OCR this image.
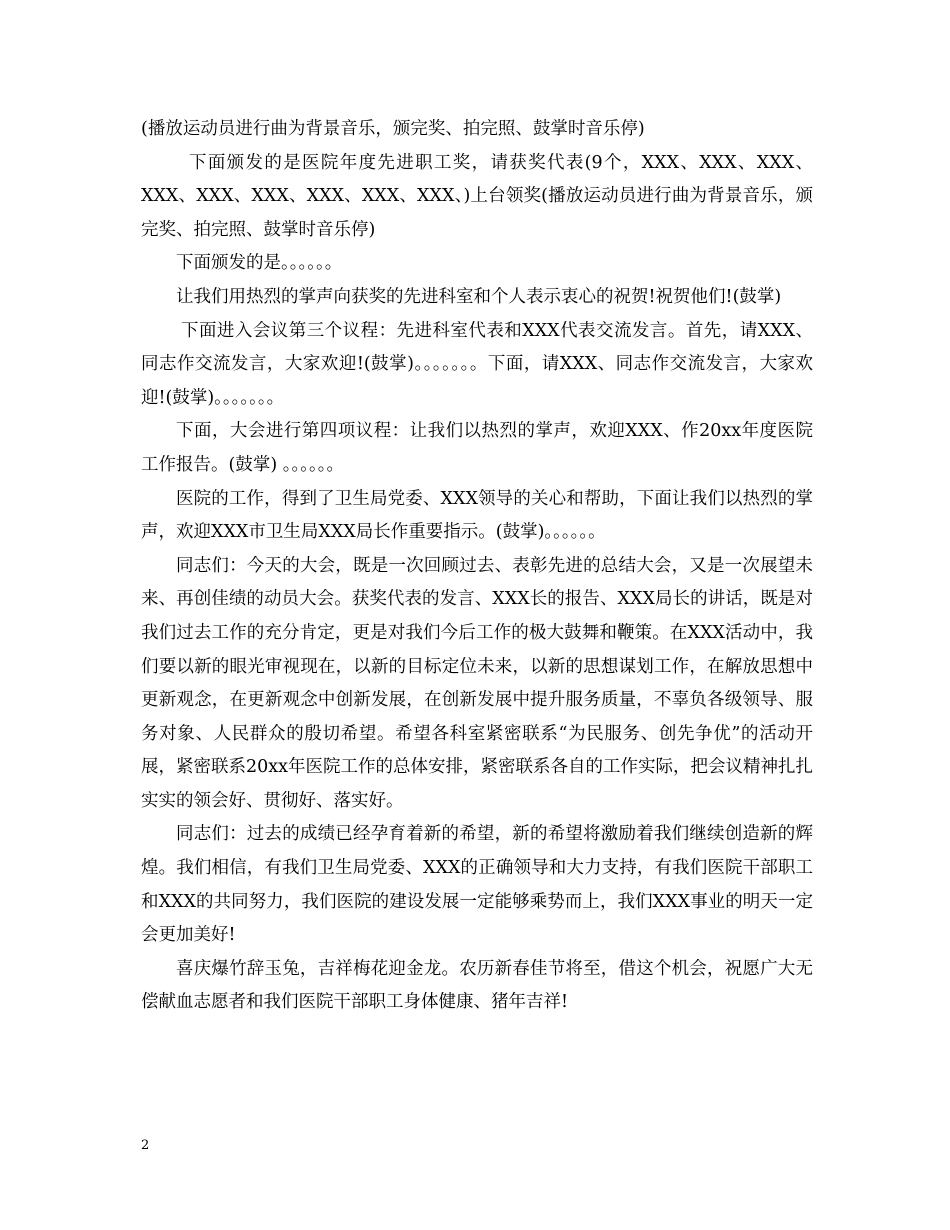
(播放运动员进行曲为背景音乐，颁完奖、拍完照、鼓掌时音乐停)

下面颁发的是医院年度先进职工奖，请获奖代表(9个，XXX、XXX、XXX、XXX、XXX、XXX、XXX、XXX、XXX、)上台领奖(播放运动员进行曲为背景音乐，颁完奖、拍完照、鼓掌时音乐停)

下面颁发的是。。。。。。

让我们用热烈的掌声向获奖的先进科室和个人表示衷心的祝贺!祝贺他们!(鼓掌)

下面进入会议第三个议程：先进科室代表和XXX代表交流发言。首先，请XXX、同志作交流发言，大家欢迎!(鼓掌)。。。。。。。下面，请XXX、同志作交流发言，大家欢迎!(鼓掌)。。。。。。。

下面，大会进行第四项议程：让我们以热烈的掌声，欢迎XXX、作20xx年度医院工作报告。(鼓掌) 。。。。。。

医院的工作，得到了卫生局党委、XXX领导的关心和帮助，下面让我们以热烈的掌声，欢迎XXX市卫生局XXX局长作重要指示。(鼓掌)。。。。。。

同志们：今天的大会，既是一次回顾过去、表彰先进的总结大会，又是一次展望未来、再创佳绩的动员大会。获奖代表的发言、XXX长的报告、XXX局长的讲话，既是对我们过去工作的充分肯定，更是对我们今后工作的极大鼓舞和鞭策。在XXX活动中，我们要以新的眼光审视现在，以新的目标定位未来，以新的思想谋划工作，在解放思想中更新观念，在更新观念中创新发展，在创新发展中提升服务质量，不辜负各级领导、服务对象、人民群众的殷切希望。希望各科室紧密联系“为民服务、创先争优”的活动开展，紧密联系20xx年医院工作的总体安排，紧密联系各自的工作实际，把会议精神扎扎实实的领会好、贯彻好、落实好。

同志们：过去的成绩已经孕育着新的希望，新的希望将激励着我们继续创造新的辉煌。我们相信，有我们卫生局党委、XXX的正确领导和大力支持，有我们医院干部职工和XXX的共同努力，我们医院的建设发展一定能够乘势而上，我们XXX事业的明天一定会更加美好!

喜庆爆竹辞玉兔，吉祥梅花迎金龙。农历新春佳节将至，借这个机会，祝愿广大无偿献血志愿者和我们医院干部职工身体健康、猪年吉祥!

2
